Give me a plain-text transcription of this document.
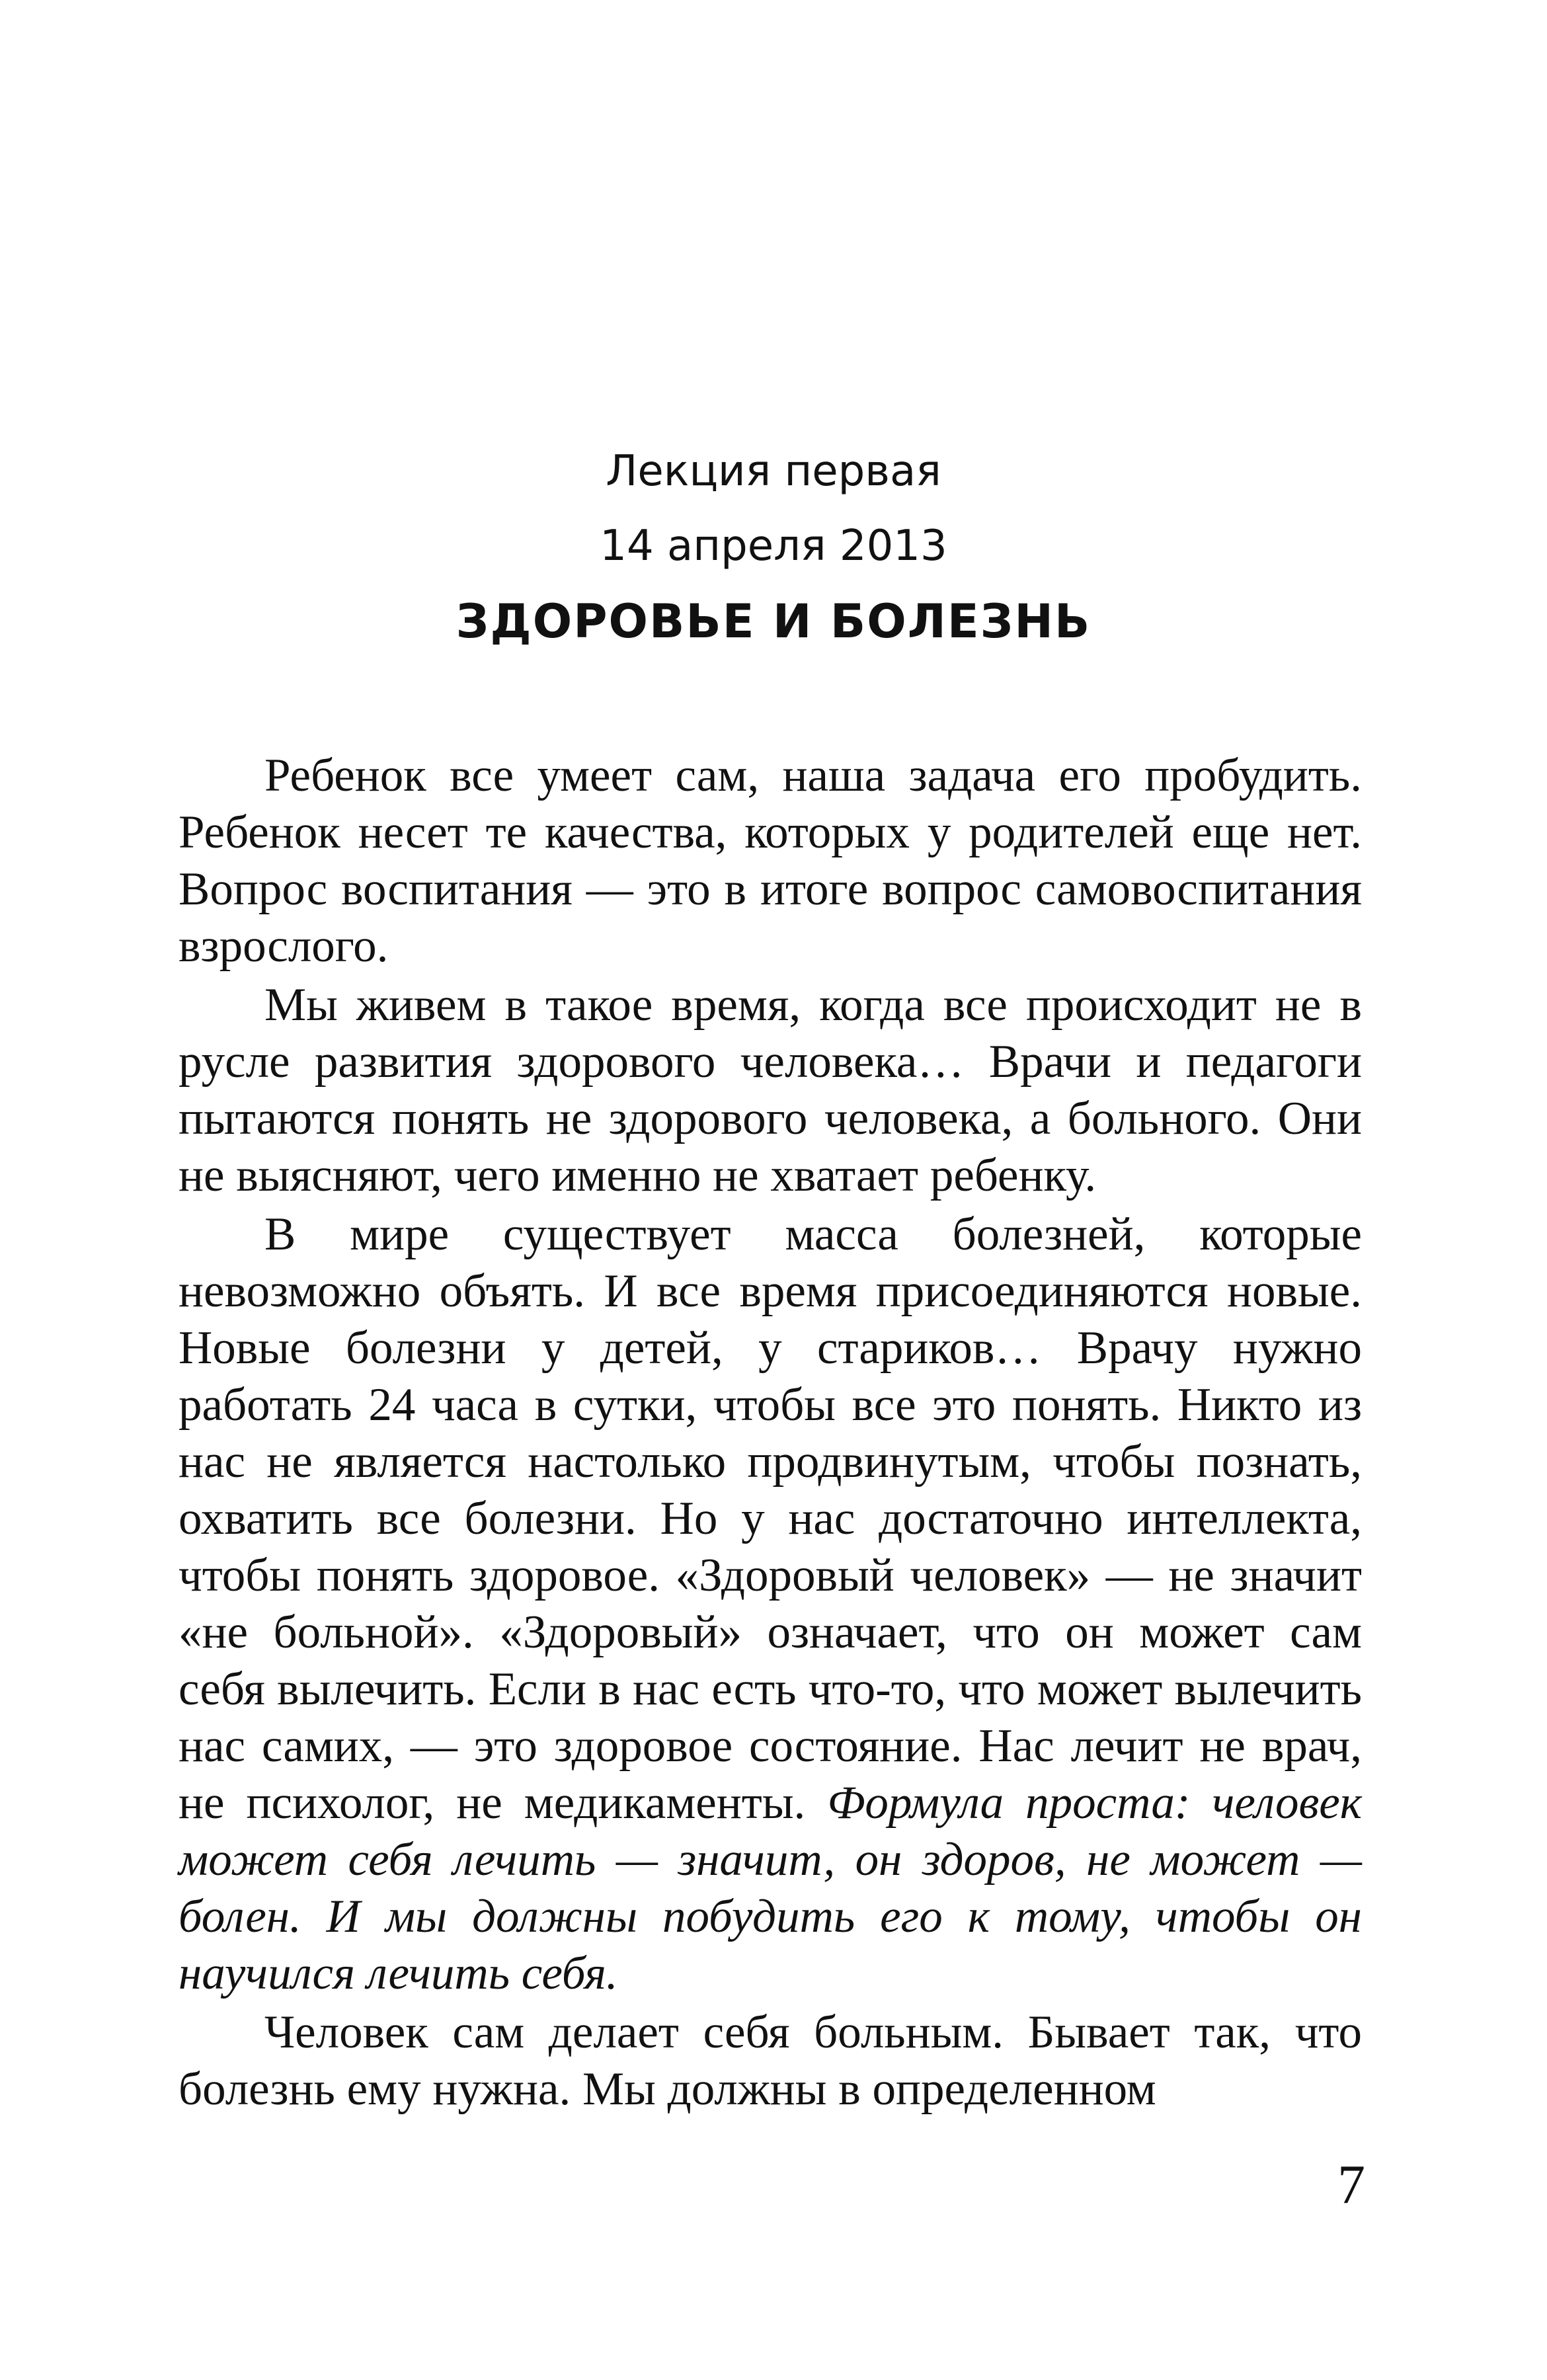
Лекция первая
14 апреля 2013
ЗДОРОВЬЕ И БОЛЕЗНЬ

Ребенок все умеет сам, наша задача его пробудить. Ребенок несет те качества, которых у родителей еще нет. Вопрос воспитания — это в итоге вопрос самовоспитания взрослого.

Мы живем в такое время, когда все происходит не в русле развития здорового человека… Врачи и педагоги пытаются понять не здорового человека, а больного. Они не выясняют, чего именно не хватает ребенку.

В мире существует масса болезней, которые невозможно объять. И все время присоединяются новые. Новые болезни у детей, у стариков… Врачу нужно работать 24 часа в сутки, чтобы все это понять. Никто из нас не является настолько продвинутым, чтобы познать, охватить все болезни. Но у нас достаточно интеллекта, чтобы понять здоровое. «Здоровый человек» — не значит «не больной». «Здоровый» означает, что он может сам себя вылечить. Если в нас есть что-то, что может вылечить нас самих, — это здоровое состояние. Нас лечит не врач, не психолог, не медикаменты. Формула проста: человек может себя лечить — значит, он здоров, не может — болен. И мы должны побудить его к тому, чтобы он научился лечить себя.

Человек сам делает себя больным. Бывает так, что болезнь ему нужна. Мы должны в определенном

7
